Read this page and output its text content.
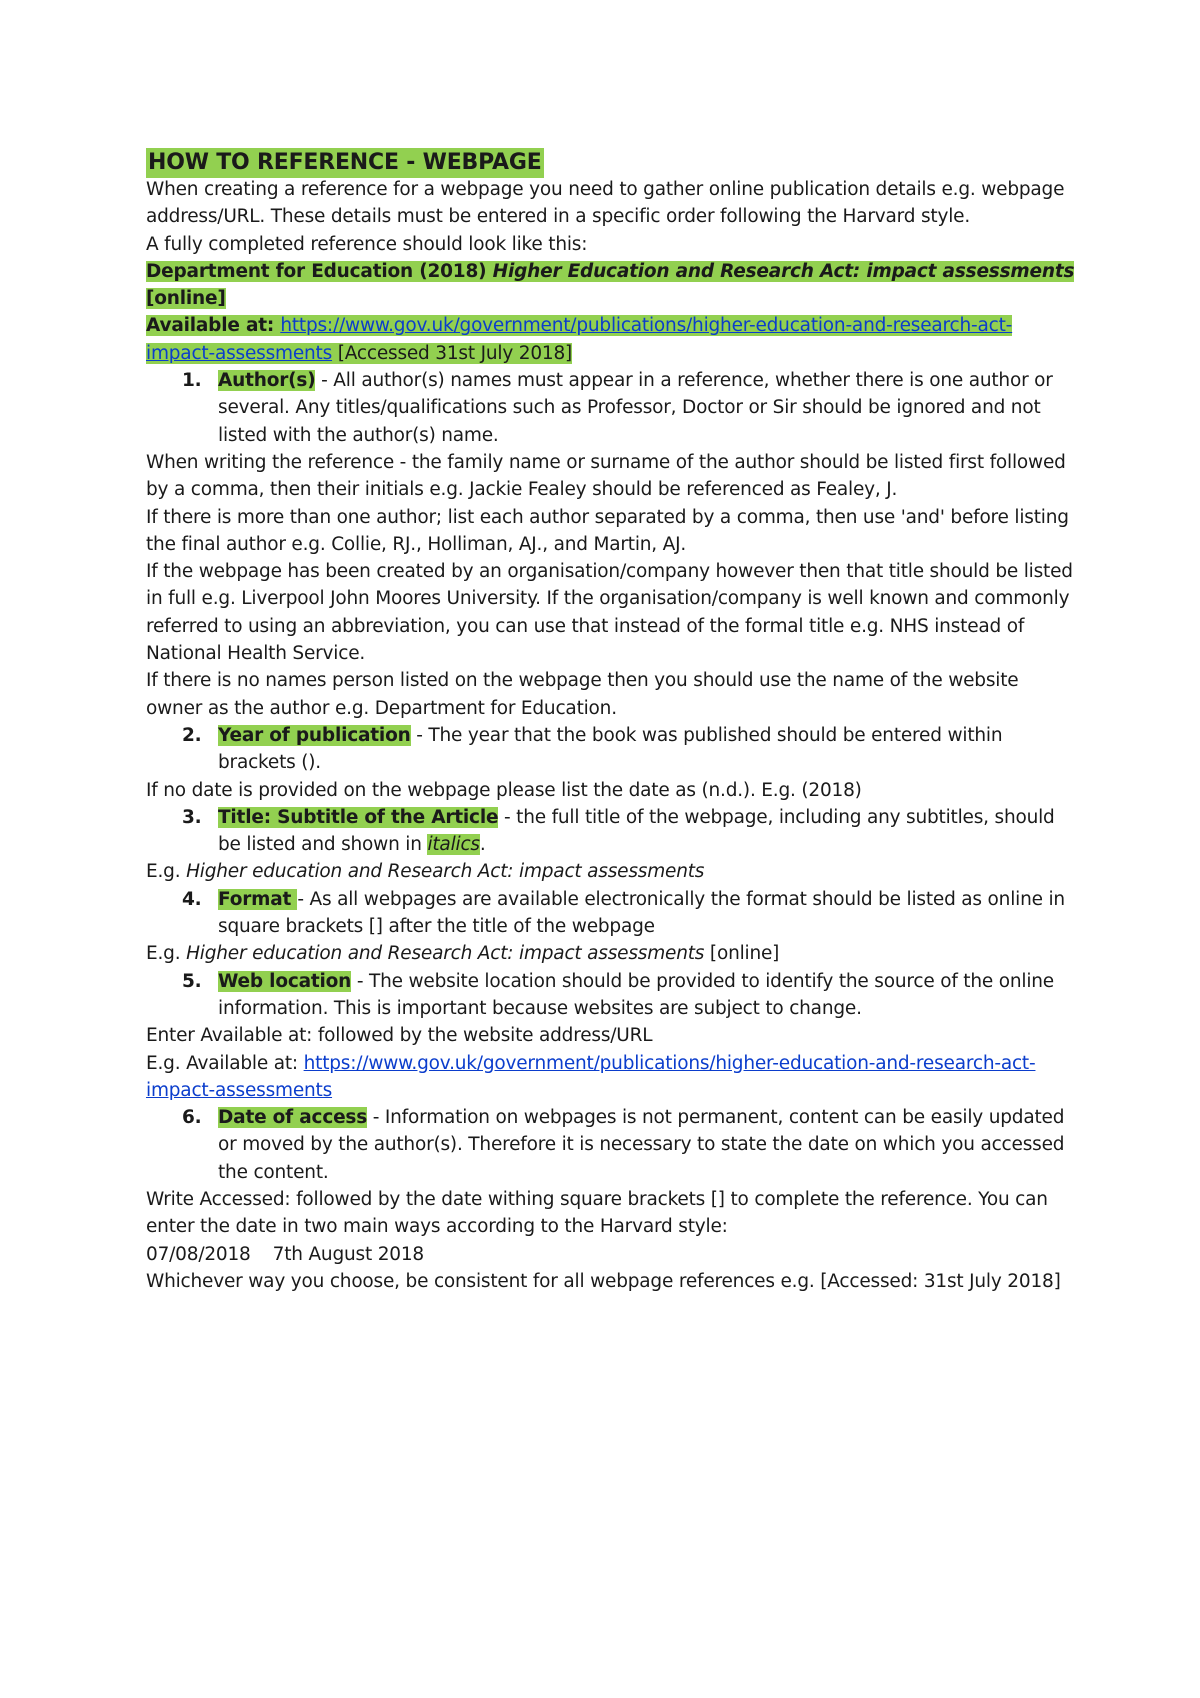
HOW TO REFERENCE - WEBPAGE

When creating a reference for a webpage you need to gather online publication details e.g. webpage address/URL. These details must be entered in a specific order following the Harvard style.

A fully completed reference should look like this:

Department for Education (2018) Higher Education and Research Act: impact assessments [online]
Available at: https://www.gov.uk/government/publications/higher-education-and-research-act-impact-assessments [Accessed 31st July 2018]

1. Author(s) - All author(s) names must appear in a reference, whether there is one author or several. Any titles/qualifications such as Professor, Doctor or Sir should be ignored and not listed with the author(s) name.

When writing the reference - the family name or surname of the author should be listed first followed by a comma, then their initials e.g. Jackie Fealey should be referenced as Fealey, J.

If there is more than one author; list each author separated by a comma, then use 'and' before listing the final author e.g. Collie, RJ., Holliman, AJ., and Martin, AJ.

If the webpage has been created by an organisation/company however then that title should be listed in full e.g. Liverpool John Moores University. If the organisation/company is well known and commonly referred to using an abbreviation, you can use that instead of the formal title e.g. NHS instead of National Health Service.

If there is no names person listed on the webpage then you should use the name of the website owner as the author e.g. Department for Education.

2. Year of publication - The year that the book was published should be entered within brackets ().

If no date is provided on the webpage please list the date as (n.d.). E.g. (2018)

3. Title: Subtitle of the Article - the full title of the webpage, including any subtitles, should be listed and shown in italics.

E.g. Higher education and Research Act: impact assessments

4. Format - As all webpages are available electronically the format should be listed as online in square brackets [] after the title of the webpage

E.g. Higher education and Research Act: impact assessments [online]

5. Web location - The website location should be provided to identify the source of the online information. This is important because websites are subject to change.

Enter Available at: followed by the website address/URL

E.g. Available at: https://www.gov.uk/government/publications/higher-education-and-research-act-impact-assessments

6. Date of access - Information on webpages is not permanent, content can be easily updated or moved by the author(s). Therefore it is necessary to state the date on which you accessed the content.

Write Accessed: followed by the date withing square brackets [] to complete the reference. You can enter the date in two main ways according to the Harvard style:

07/08/2018 7th August 2018

Whichever way you choose, be consistent for all webpage references e.g. [Accessed: 31st July 2018]
